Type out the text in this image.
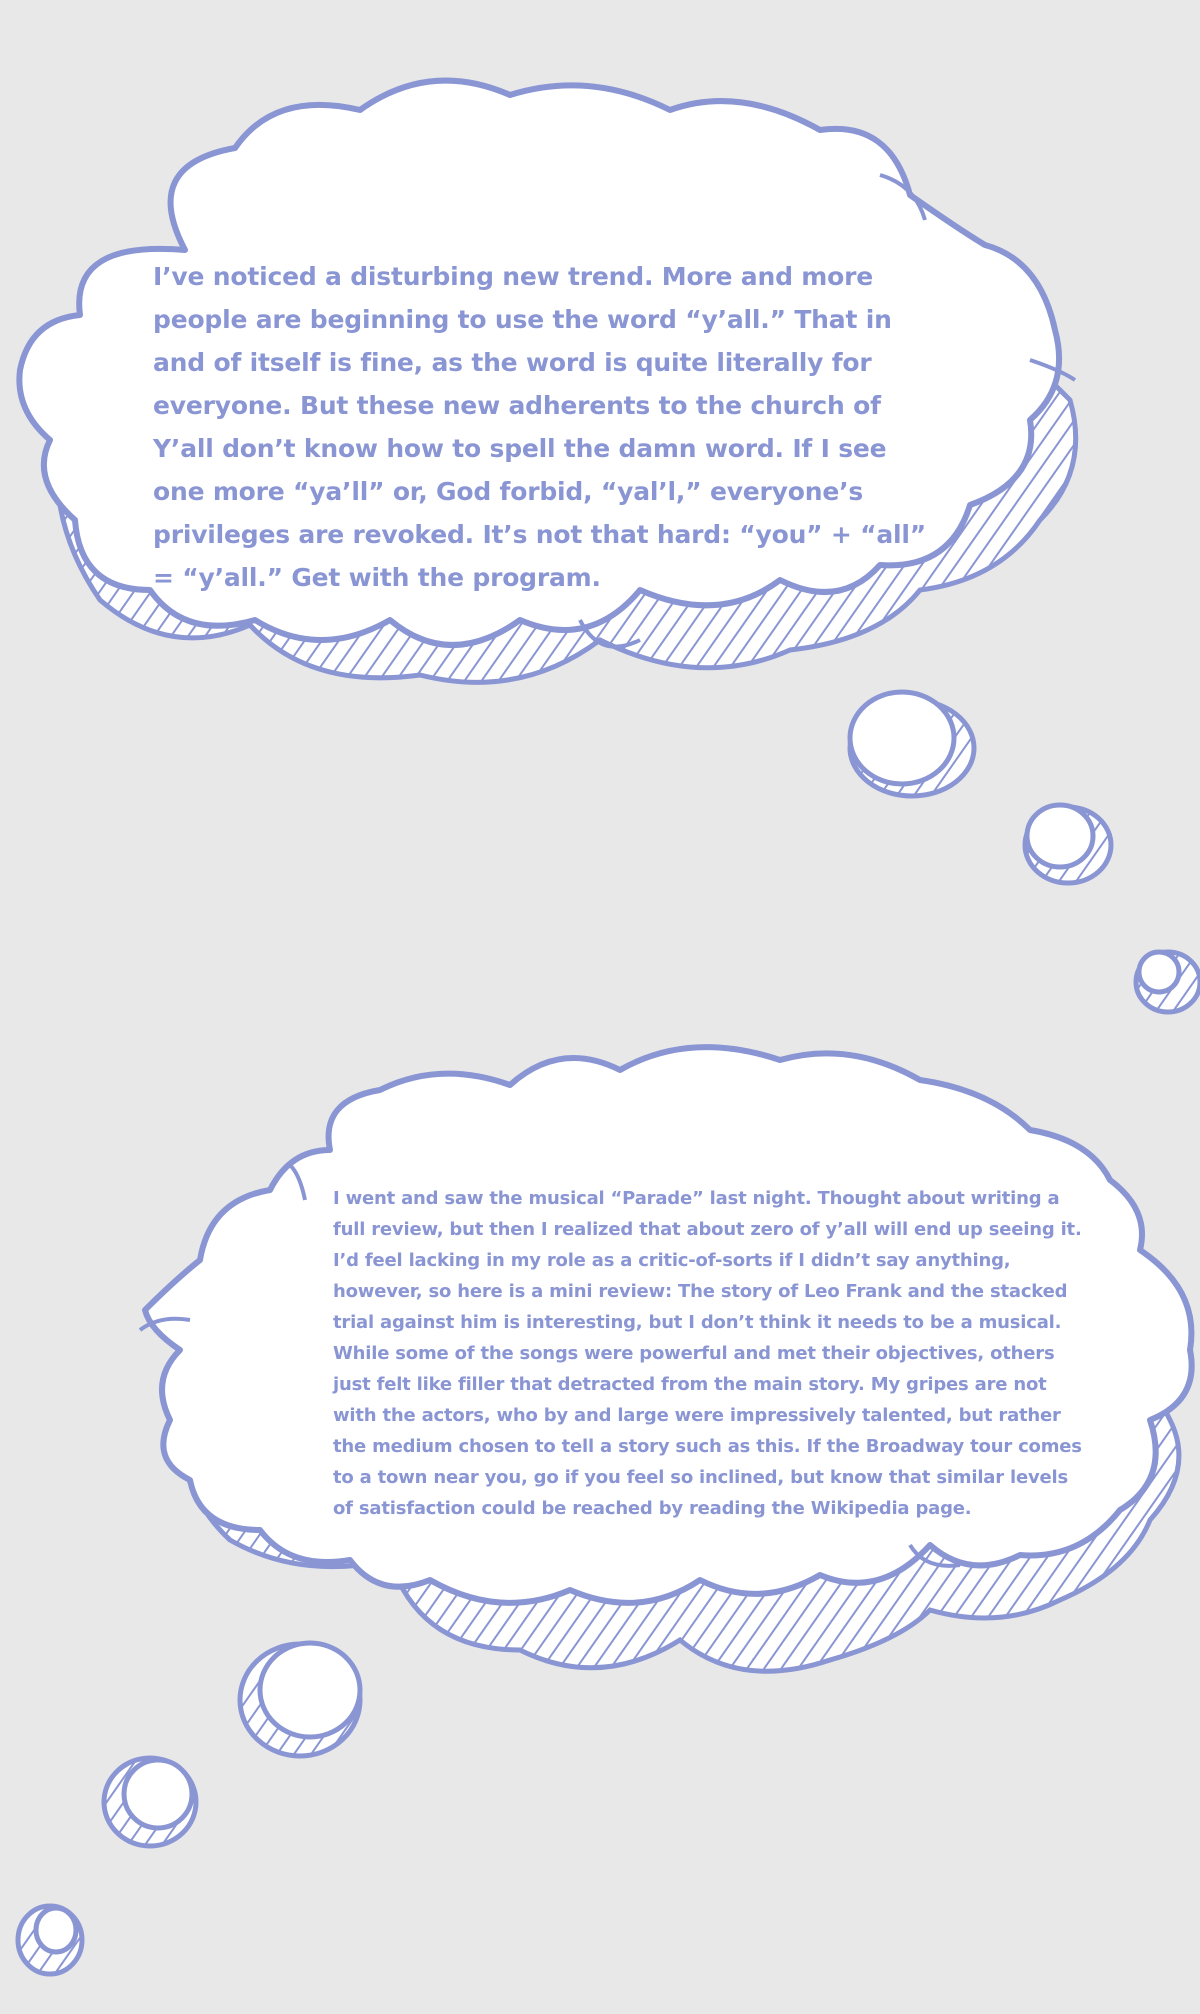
I’ve noticed a disturbing new trend. More and more people are beginning to use the word “y’all.” That in and of itself is fine, as the word is quite literally for everyone. But these new adherents to the church of Y’all don’t know how to spell the damn word. If I see one more “ya’ll” or, God forbid, “yal’l,” everyone’s privileges are revoked. It’s not that hard: “you” + “all” = “y’all.” Get with the program.

I went and saw the musical “Parade” last night. Thought about writing a full review, but then I realized that about zero of y’all will end up seeing it. I’d feel lacking in my role as a critic-of-sorts if I didn’t say anything, however, so here is a mini review: The story of Leo Frank and the stacked trial against him is interesting, but I don’t think it needs to be a musical. While some of the songs were powerful and met their objectives, others just felt like filler that detracted from the main story. My gripes are not with the actors, who by and large were impressively talented, but rather the medium chosen to tell a story such as this. If the Broadway tour comes to a town near you, go if you feel so inclined, but know that similar levels of satisfaction could be reached by reading the Wikipedia page.
